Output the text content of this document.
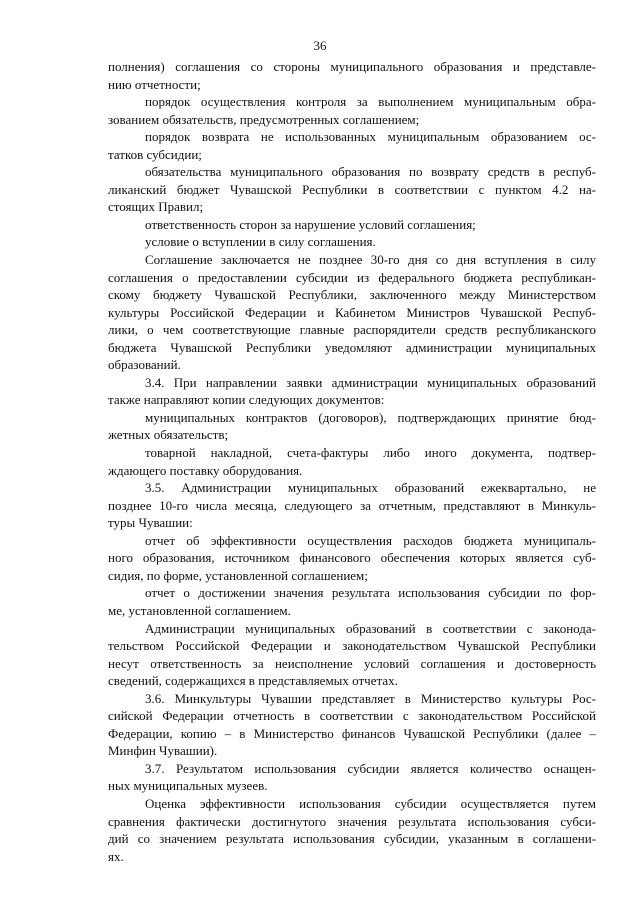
36
полнения) соглашения со стороны муниципального образования и представле-
нию отчетности;
порядок осуществления контроля за выполнением муниципальным обра-
зованием обязательств, предусмотренных соглашением;
порядок возврата не использованных муниципальным образованием ос-
татков субсидии;
обязательства муниципального образования по возврату средств в респуб-
ликанский бюджет Чувашской Республики в соответствии с пунктом 4.2 на-
стоящих Правил;
ответственность сторон за нарушение условий соглашения;
условие о вступлении в силу соглашения.
Соглашение заключается не позднее 30-го дня со дня вступления в силу
соглашения о предоставлении субсидии из федерального бюджета республикан-
скому бюджету Чувашской Республики, заключенного между Министерством
культуры Российской Федерации и Кабинетом Министров Чувашской Респуб-
лики, о чем соответствующие главные распорядители средств республиканского
бюджета Чувашской Республики уведомляют администрации муниципальных
образований.
3.4. При направлении заявки администрации муниципальных образований
также направляют копии следующих документов:
муниципальных контрактов (договоров), подтверждающих принятие бюд-
жетных обязательств;
товарной накладной, счета-фактуры либо иного документа, подтвер-
ждающего поставку оборудования.
3.5. Администрации муниципальных образований ежеквартально, не
позднее 10-го числа месяца, следующего за отчетным, представляют в Минкуль-
туры Чувашии:
отчет об эффективности осуществления расходов бюджета муниципаль-
ного образования, источником финансового обеспечения которых является суб-
сидия, по форме, установленной соглашением;
отчет о достижении значения результата использования субсидии по фор-
ме, установленной соглашением.
Администрации муниципальных образований в соответствии с законода-
тельством Российской Федерации и законодательством Чувашской Республики
несут ответственность за неисполнение условий соглашения и достоверность
сведений, содержащихся в представляемых отчетах.
3.6. Минкультуры Чувашии представляет в Министерство культуры Рос-
сийской Федерации отчетность в соответствии с законодательством Российской
Федерации, копию – в Министерство финансов Чувашской Республики (далее –
Минфин Чувашии).
3.7. Результатом использования субсидии является количество оснащен-
ных муниципальных музеев.
Оценка эффективности использования субсидии осуществляется путем
сравнения фактически достигнутого значения результата использования субси-
дий со значением результата использования субсидии, указанным в соглашени-
ях.
